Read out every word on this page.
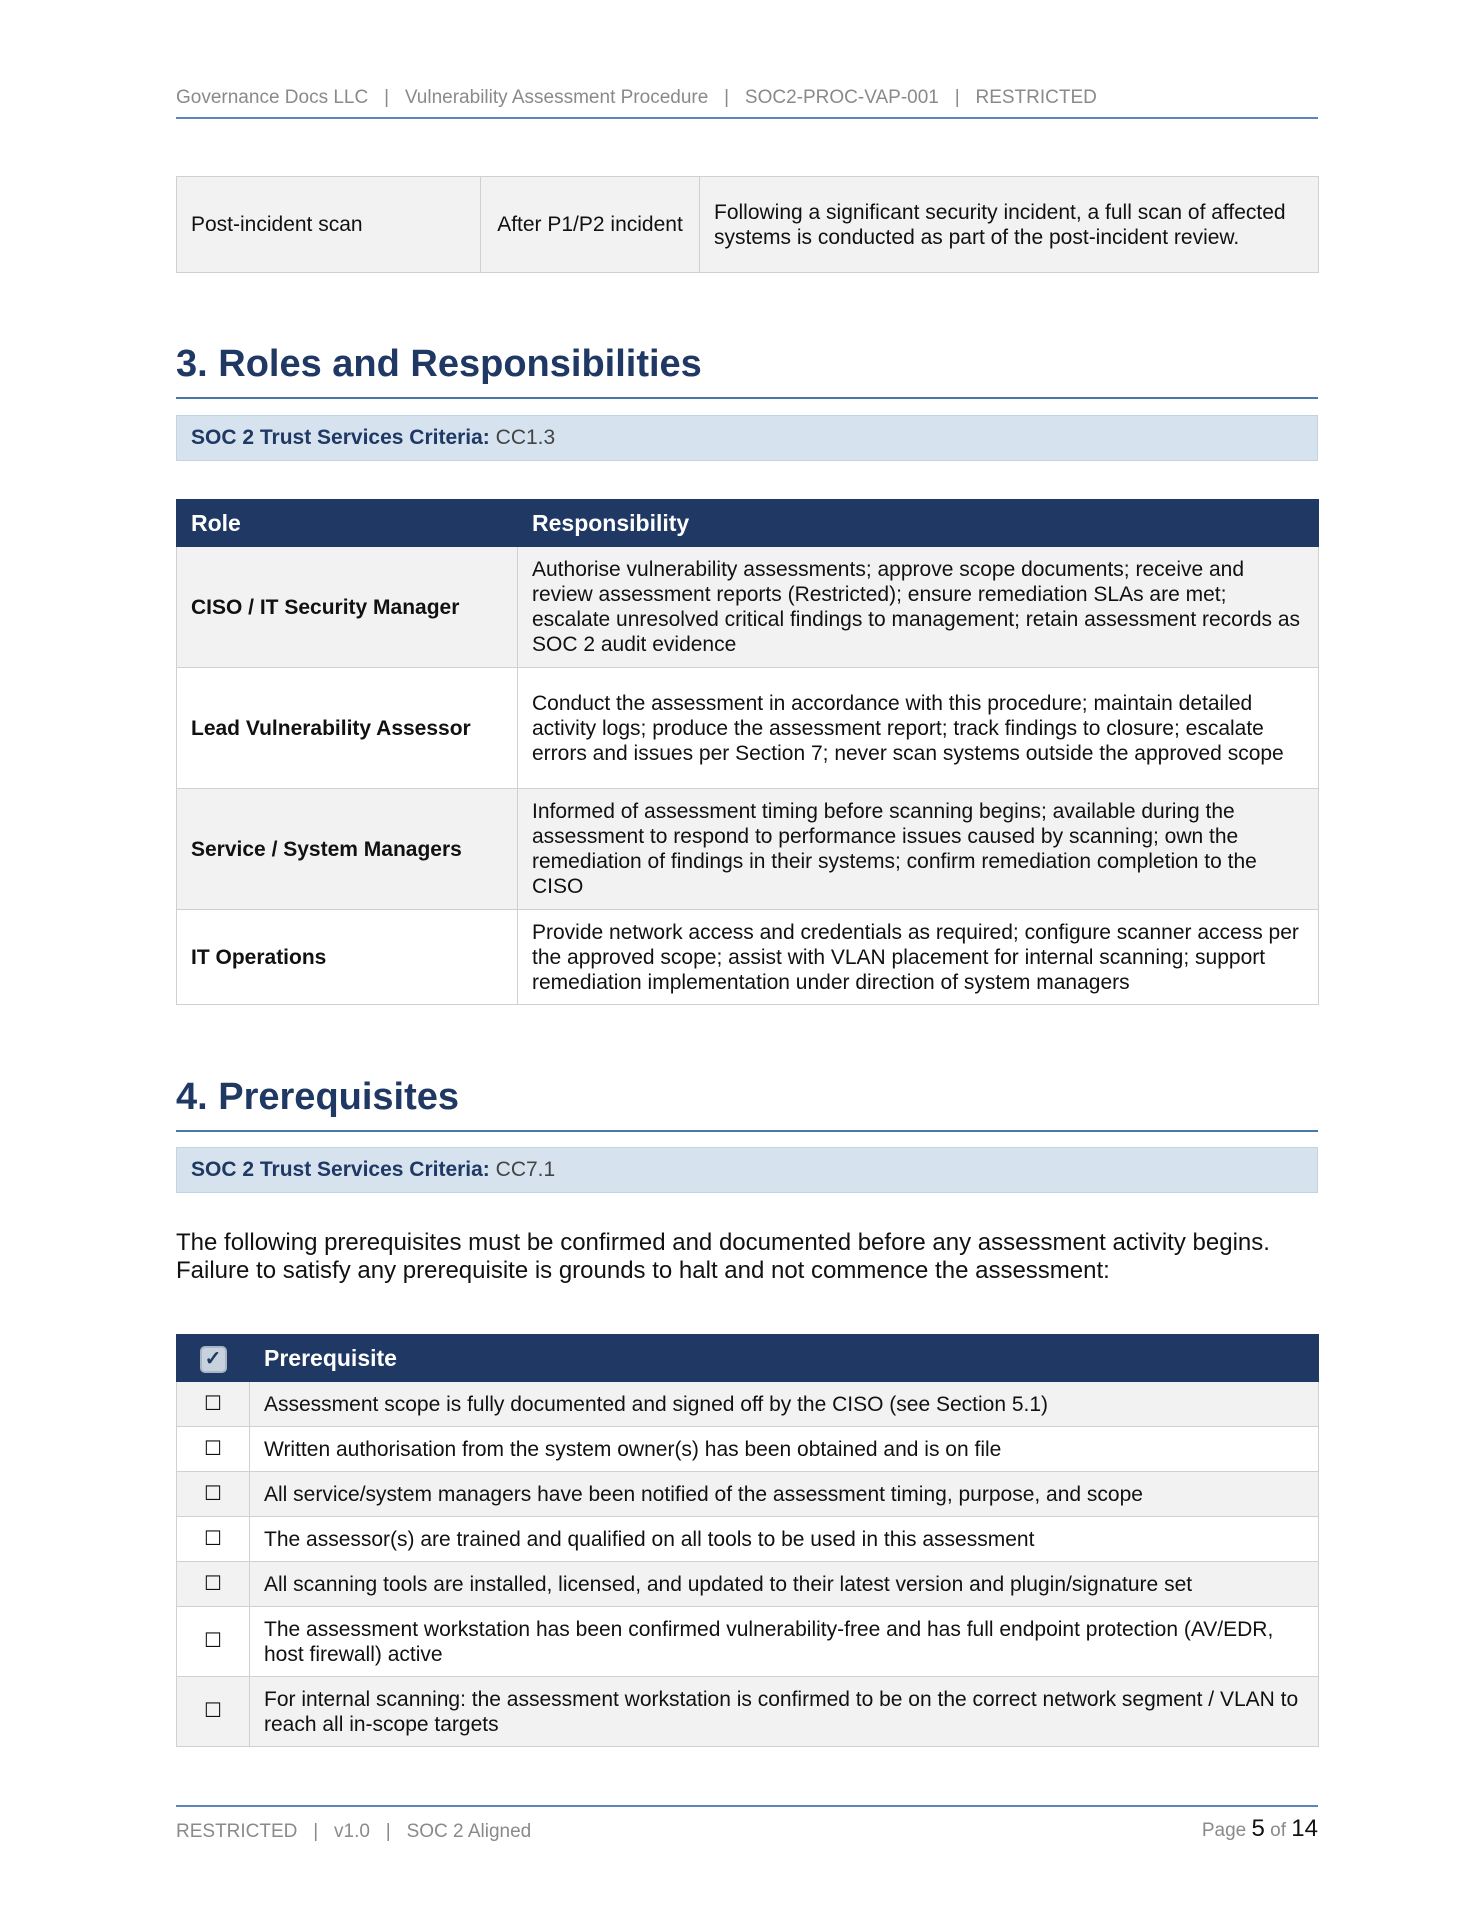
Governance Docs LLC | Vulnerability Assessment Procedure | SOC2-PROC-VAP-001 | RESTRICTED
Post-incident scan	After P1/P2 incident	Following a significant security incident, a full scan of affected systems is conducted as part of the post-incident review.
3. Roles and Responsibilities
SOC 2 Trust Services Criteria: CC1.3
Role	Responsibility
CISO / IT Security Manager	Authorise vulnerability assessments; approve scope documents; receive and review assessment reports (Restricted); ensure remediation SLAs are met; escalate unresolved critical findings to management; retain assessment records as SOC 2 audit evidence
Lead Vulnerability Assessor	Conduct the assessment in accordance with this procedure; maintain detailed activity logs; produce the assessment report; track findings to closure; escalate errors and issues per Section 7; never scan systems outside the approved scope
Service / System Managers	Informed of assessment timing before scanning begins; available during the assessment to respond to performance issues caused by scanning; own the remediation of findings in their systems; confirm remediation completion to the CISO
IT Operations	Provide network access and credentials as required; configure scanner access per the approved scope; assist with VLAN placement for internal scanning; support remediation implementation under direction of system managers
4. Prerequisites
SOC 2 Trust Services Criteria: CC7.1

The following prerequisites must be confirmed and documented before any assessment activity begins. Failure to satisfy any prerequisite is grounds to halt and not commence the assessment:

✓	Prerequisite
☐	Assessment scope is fully documented and signed off by the CISO (see Section 5.1)
☐	Written authorisation from the system owner(s) has been obtained and is on file
☐	All service/system managers have been notified of the assessment timing, purpose, and scope
☐	The assessor(s) are trained and qualified on all tools to be used in this assessment
☐	All scanning tools are installed, licensed, and updated to their latest version and plugin/signature set
☐	The assessment workstation has been confirmed vulnerability-free and has full endpoint protection (AV/EDR, host firewall) active
☐	For internal scanning: the assessment workstation is confirmed to be on the correct network segment / VLAN to reach all in-scope targets
RESTRICTED | v1.0 | SOC 2 Aligned	Page 5 of 14
